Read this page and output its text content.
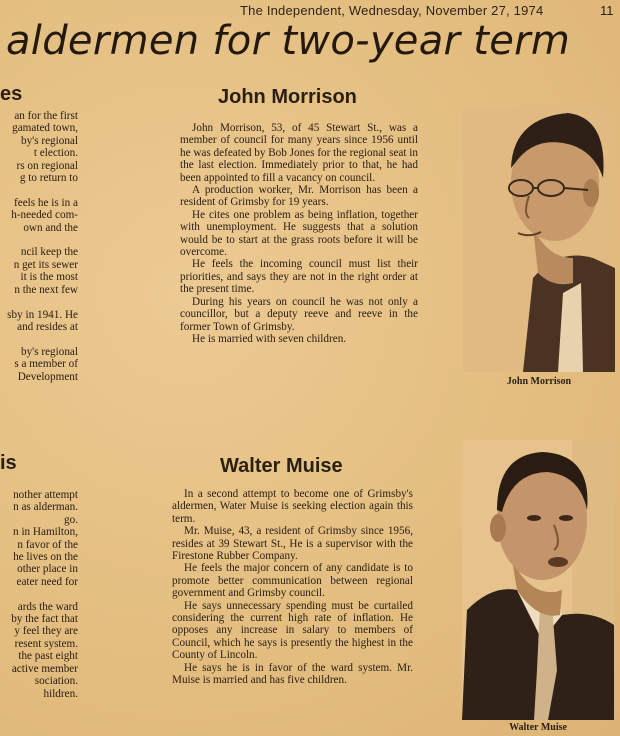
The Independent, Wednesday, November 27, 1974	11
aldermen for two-year term
es
an for the first
gamated town,
by's regional
t election.
rs on regional
g to return to

feels he is in a
h-needed com-
own and the

ncil keep the
n get its sewer
it is the most
n the next few

sby in 1941. He
and resides at

by's regional
s a member of
Development
is
nother attempt
n as alderman.
go.
n in Hamilton,
n favor of the
he lives on the
other place in
eater need for

ards the ward
by the fact that
y feel they are
resent system.
the past eight
active member
sociation.
hildren.
John Morrison

John Morrison, 53, of 45 Stewart St., was a member of council for many years since 1956 until he was defeated by Bob Jones for the regional seat in the last election. Immediately prior to that, he had been appointed to fill a vacancy on council.

A production worker, Mr. Morrison has been a resident of Grimsby for 19 years.

He cites one problem as being inflation, together with unemployment. He suggests that a solution would be to start at the grass roots before it will be overcome.

He feels the incoming council must list their priorities, and says they are not in the right order at the present time.

During his years on council he was not only a councillor, but a deputy reeve and reeve in the former Town of Grimsby.

He is married with seven children.

John Morrison
Walter Muise

In a second attempt to become one of Grimsby's aldermen, Water Muise is seeking election again this term.

Mr. Muise, 43, a resident of Grimsby since 1956, resides at 39 Stewart St., He is a supervisor with the Firestone Rubber Company.

He feels the major concern of any candidate is to promote better communication between regional government and Grimsby council.

He says unnecessary spending must be curtailed considering the current high rate of inflation. He opposes any increase in salary to members of Council, which he says is presently the highest in the County of Lincoln.

He says he is in favor of the ward system. Mr. Muise is married and has five children.

Walter Muise
